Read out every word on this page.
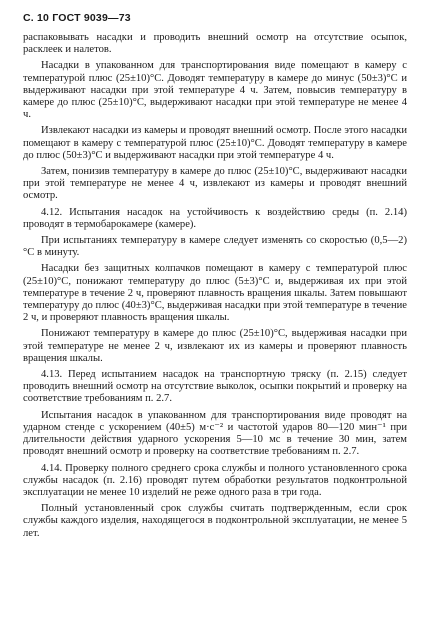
С. 10 ГОСТ 9039—73

распаковывать насадки и проводить внешний осмотр на отсутствие осыпок, расклеек и налетов.

Насадки в упакованном для транспортирования виде помещают в камеру с температурой плюс (25±10)°С. Доводят температуру в камере до минус (50±3)°С и выдерживают насадки при этой температуре 4 ч. Затем, повысив температуру в камере до плюс (25±10)°С, выдерживают насадки при этой температуре не менее 4 ч.

Извлекают насадки из камеры и проводят внешний осмотр. После этого насадки помещают в камеру с температурой плюс (25±10)°С. Доводят температуру в камере до плюс (50±3)°С и выдерживают насадки при этой температуре 4 ч.

Затем, понизив температуру в камере до плюс (25±10)°С, выдерживают насадки при этой температуре не менее 4 ч, извлекают из камеры и проводят внешний осмотр.

4.12. Испытания насадок на устойчивость к воздействию среды (п. 2.14) проводят в термобарокамере (камере).

При испытаниях температуру в камере следует изменять со скоростью (0,5—2)°С в минуту.

Насадки без защитных колпачков помещают в камеру с температурой плюс (25±10)°С, понижают температуру до плюс (5±3)°С и, выдерживая их при этой температуре в течение 2 ч, проверяют плавность вращения шкалы. Затем повышают температуру до плюс (40±3)°С, выдерживая насадки при этой температуре в течение 2 ч, и проверяют плавность вращения шкалы.

Понижают температуру в камере до плюс (25±10)°С, выдерживая насадки при этой температуре не менее 2 ч, извлекают их из камеры и проверяют плавность вращения шкалы.

4.13. Перед испытанием насадок на транспортную тряску (п. 2.15) следует проводить внешний осмотр на отсутствие выколок, осыпки покрытий и проверку на соответствие требованиям п. 2.7.

Испытания насадок в упакованном для транспортирования виде проводят на ударном стенде с ускорением (40±5) м·с⁻² и частотой ударов 80—120 мин⁻¹ при длительности действия ударного ускорения 5—10 мс в течение 30 мин, затем проводят внешний осмотр и проверку на соответствие требованиям п. 2.7.

4.14. Проверку полного среднего срока службы и полного установленного срока службы насадок (п. 2.16) проводят путем обработки результатов подконтрольной эксплуатации не менее 10 изделий не реже одного раза в три года.

Полный установленный срок службы считать подтвержденным, если срок службы каждого изделия, находящегося в подконтрольной эксплуатации, не менее 5 лет.
